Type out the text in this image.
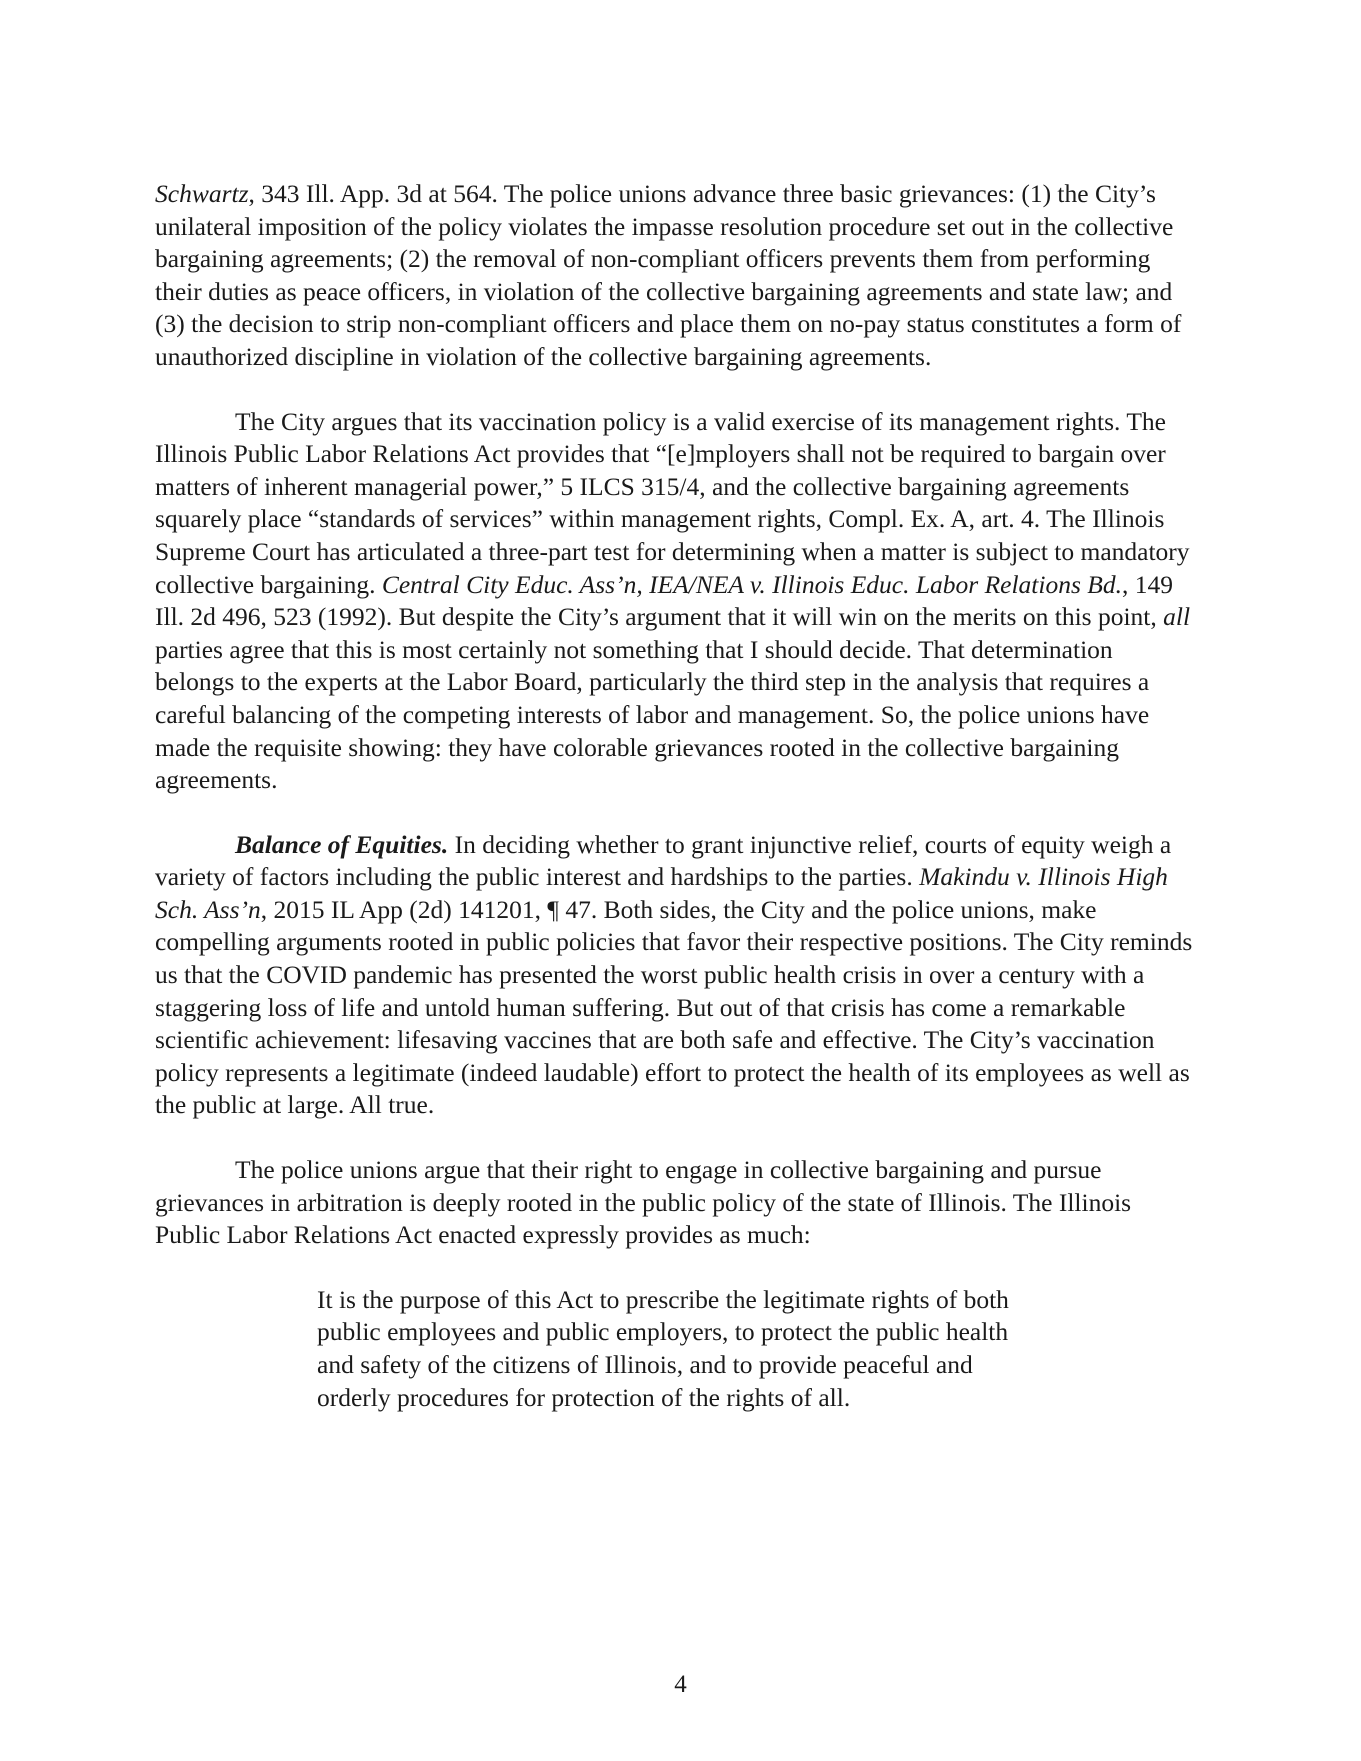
Schwartz, 343 Ill. App. 3d at 564. The police unions advance three basic grievances: (1) the City’s unilateral imposition of the policy violates the impasse resolution procedure set out in the collective bargaining agreements; (2) the removal of non-compliant officers prevents them from performing their duties as peace officers, in violation of the collective bargaining agreements and state law; and (3) the decision to strip non-compliant officers and place them on no-pay status constitutes a form of unauthorized discipline in violation of the collective bargaining agreements.

The City argues that its vaccination policy is a valid exercise of its management rights. The Illinois Public Labor Relations Act provides that “[e]mployers shall not be required to bargain over matters of inherent managerial power,” 5 ILCS 315/4, and the collective bargaining agreements squarely place “standards of services” within management rights, Compl. Ex. A, art. 4. The Illinois Supreme Court has articulated a three-part test for determining when a matter is subject to mandatory collective bargaining. Central City Educ. Ass’n, IEA/NEA v. Illinois Educ. Labor Relations Bd., 149 Ill. 2d 496, 523 (1992). But despite the City’s argument that it will win on the merits on this point, all parties agree that this is most certainly not something that I should decide. That determination belongs to the experts at the Labor Board, particularly the third step in the analysis that requires a careful balancing of the competing interests of labor and management. So, the police unions have made the requisite showing: they have colorable grievances rooted in the collective bargaining agreements.

Balance of Equities. In deciding whether to grant injunctive relief, courts of equity weigh a variety of factors including the public interest and hardships to the parties. Makindu v. Illinois High Sch. Ass’n, 2015 IL App (2d) 141201, ¶ 47. Both sides, the City and the police unions, make compelling arguments rooted in public policies that favor their respective positions. The City reminds us that the COVID pandemic has presented the worst public health crisis in over a century with a staggering loss of life and untold human suffering. But out of that crisis has come a remarkable scientific achievement: lifesaving vaccines that are both safe and effective. The City’s vaccination policy represents a legitimate (indeed laudable) effort to protect the health of its employees as well as the public at large. All true.

The police unions argue that their right to engage in collective bargaining and pursue grievances in arbitration is deeply rooted in the public policy of the state of Illinois. The Illinois Public Labor Relations Act enacted expressly provides as much:

It is the purpose of this Act to prescribe the legitimate rights of both public employees and public employers, to protect the public health and safety of the citizens of Illinois, and to provide peaceful and orderly procedures for protection of the rights of all.

4
